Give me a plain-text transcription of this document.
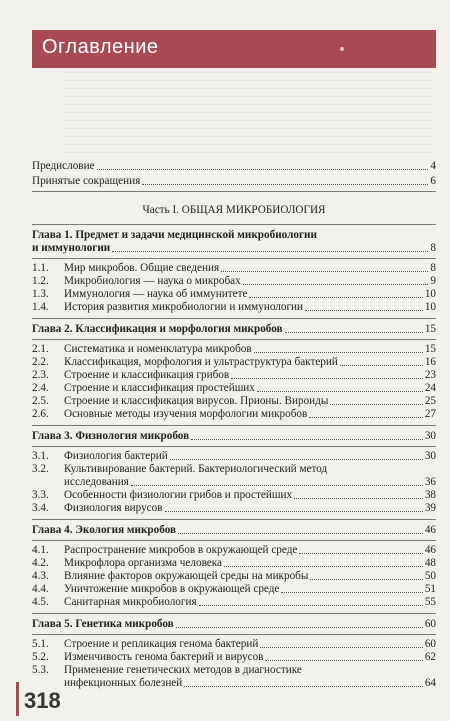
Оглавление
Предисловие	4
Принятые сокращения	6
Часть I. ОБЩАЯ МИКРОБИОЛОГИЯ
Глава 1. Предмет и задачи медицинской микробиологии
и иммунологии	8
1.1.	Мир микробов. Общие сведения	8
1.2.	Микробиология — наука о микробах	9
1.3.	Иммунология — наука об иммунитете	10
1.4.	История развития микробиологии и иммунологии	10
Глава 2. Классификация и морфология микробов	15
2.1.	Систематика и номенклатура микробов	15
2.2.	Классификация, морфология и ультраструктура бактерий	16
2.3.	Строение и классификация грибов	23
2.4.	Строение и классификация простейших	24
2.5.	Строение и классификация вирусов. Прионы. Вироиды	25
2.6.	Основные методы изучения морфологии микробов	27
Глава 3. Физиология микробов	30
3.1.	Физиология бактерий	30
3.2.	Культивирование бактерий. Бактериологический метод
исследования	36
3.3.	Особенности физиологии грибов и простейших	38
3.4.	Физиология вирусов	39
Глава 4. Экология микробов	46
4.1.	Распространение микробов в окружающей среде	46
4.2.	Микрофлора организма человека	48
4.3.	Влияние факторов окружающей среды на микробы	50
4.4.	Уничтожение микробов в окружающей среде	51
4.5.	Санитарная микробиология	55
Глава 5. Генетика микробов	60
5.1.	Строение и репликация генома бактерий	60
5.2.	Изменчивость генома бактерий и вирусов	62
5.3.	Применение генетических методов в диагностике
инфекционных болезней	64
318
